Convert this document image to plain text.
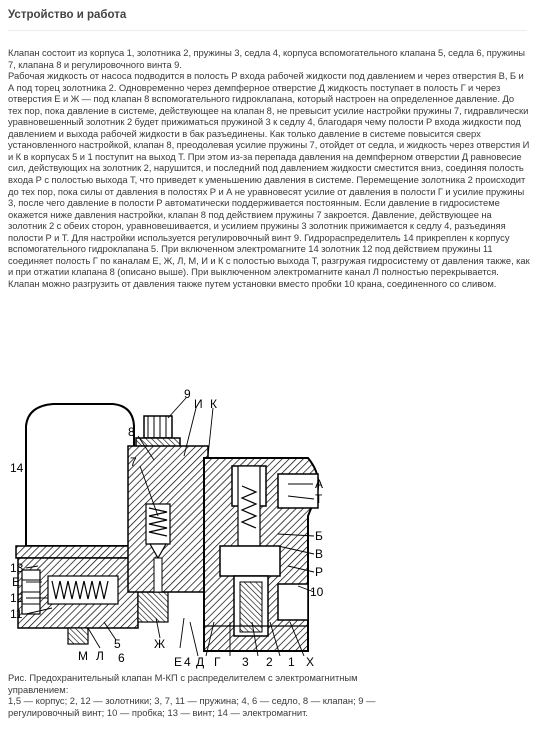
Устройство и работа

Клапан состоит из корпуса 1, золотника 2, пружины 3, седла 4, корпуса вспомогательного клапана 5, седла 6, пружины 7, клапана 8 и регулировочного винта 9.

Рабочая жидкость от насоса подводится в полость Р входа рабочей жидкости под давлением и через отверстия В, Б и А под торец золотника 2. Одновременно через демпферное отверстие Д жидкость поступает в полость Г и через отверстия Е и Ж — под клапан 8 вспомогательного гидроклапана, который настроен на определенное давление. До тех пор, пока давление в системе, действующее на клапан 8, не превысит усилие настройки пружины 7, гидравлически уравновешенный золотник 2 будет прижиматься пружиной 3 к седлу 4, благодаря чему полости Р входа жидкости под давлением и выхода рабочей жидкости в бак разъединены. Как только давление в системе повысится сверх установленного настройкой, клапан 8, преодолевая усилие пружины 7, отойдет от седла, и жидкость через отверстия И и К в корпусах 5 и 1 поступит на выход Т. При этом из-за перепада давления на демпферном отверстии Д равновесие сил, действующих на золотник 2, нарушится, и последний под давлением жидкости сместится вниз, соединяя полость входа Р с полостью выхода Т, что приведет к уменьшению давления в системе. Перемещение золотника 2 происходит до тех пор, пока силы от давления в полостях Р и А не уравновесят усилие от давления в полости Г и усилие пружины 3, после чего давление в полости Р автоматически поддерживается постоянным. Если давление в гидросистеме окажется ниже давления настройки, клапан 8 под действием пружины 7 закроется. Давление, действующее на золотник 2 с обеих сторон, уравновешивается, и усилием пружины 3 золотник прижимается к седлу 4, разъединяя полости Р и Т. Для настройки используется регулировочный винт 9. Гидрораспределитель 14 прикреплен к корпусу вспомогательного гидроклапана 5. При включенном электромагните 14 золотник 12 под действием пружины 11 соединяет полость Г по каналам Е, Ж, Л, М, И и К с полостью выхода Т, разгружая гидросистему от давления также, как и при отжатии клапана 8 (описано выше). При выключенном электромагните канал Л полностью перекрывается. Клапан можно разгрузить от давления также путем установки вместо пробки 10 крана, соединенного со сливом.

9
И К
8
7
14
А
Т
Б
В
Р
10
13
Е
12
11
М Л
5
6
Ж
Е 4 Д Г 3 2 1 Х

Рис. Предохранительный клапан М-КП с распределителем с электромагнитным управлением:

1,5 — корпус; 2, 12 — золотники; 3, 7, 11 — пружина; 4, 6 — седло, 8 — клапан; 9 — регулировочный винт; 10 — пробка; 13 — винт; 14 — электромагнит.
